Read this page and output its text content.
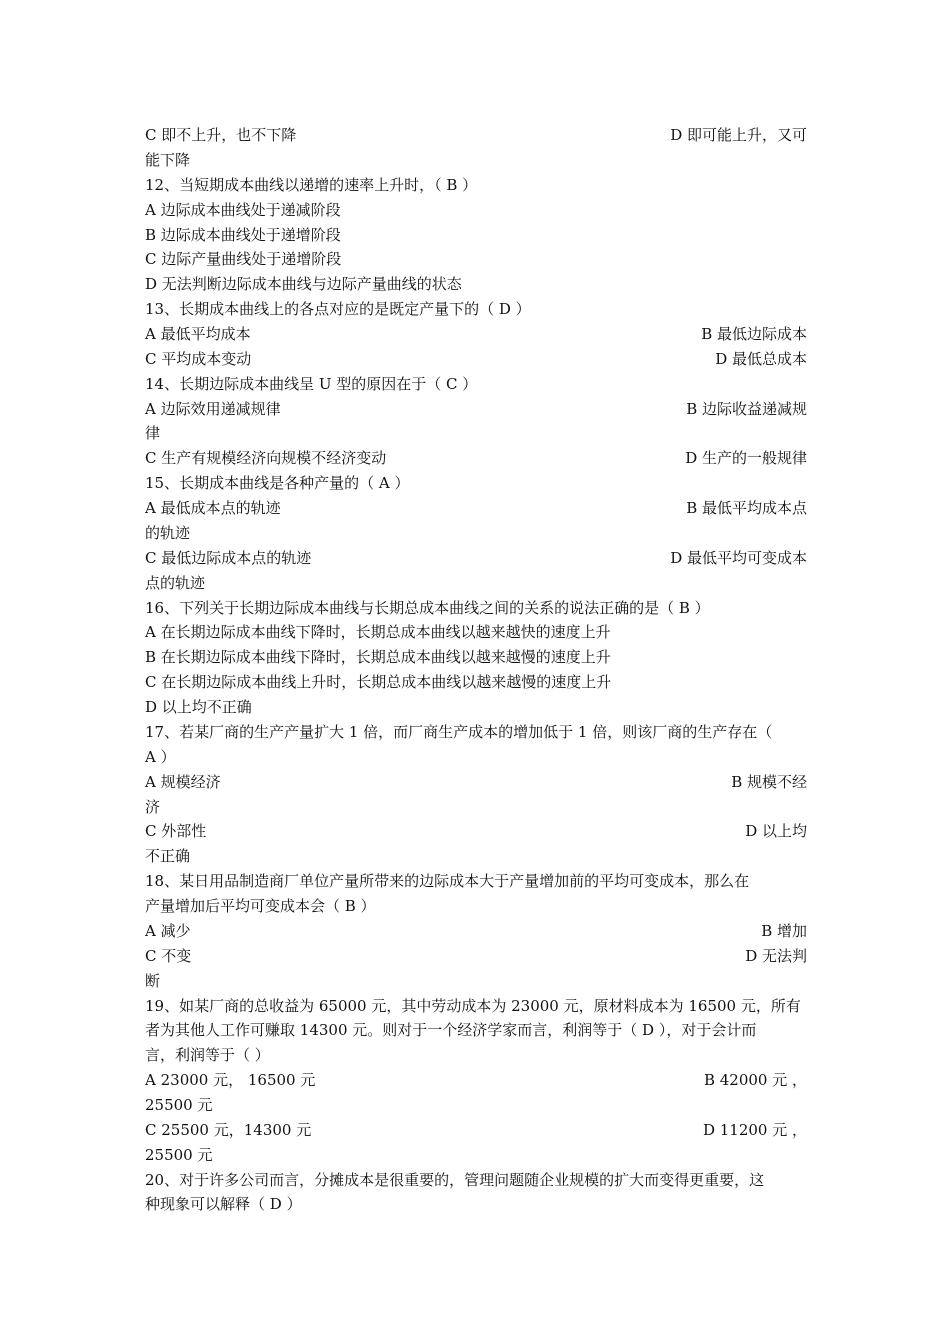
C 即不上升，也不下降	D 即可能上升，又可
能下降
12、当短期成本曲线以递增的速率上升时，（ B ）
A 边际成本曲线处于递减阶段
B 边际成本曲线处于递增阶段
C 边际产量曲线处于递增阶段
D 无法判断边际成本曲线与边际产量曲线的状态
13、长期成本曲线上的各点对应的是既定产量下的（ D ）
A 最低平均成本	B 最低边际成本
C 平均成本变动	D 最低总成本
14、长期边际成本曲线呈 U 型的原因在于（ C ）
A 边际效用递减规律	B 边际收益递减规
律
C 生产有规模经济向规模不经济变动	D 生产的一般规律
15、长期成本曲线是各种产量的（ A ）
A 最低成本点的轨迹	B 最低平均成本点
的轨迹
C 最低边际成本点的轨迹	D 最低平均可变成本
点的轨迹
16、下列关于长期边际成本曲线与长期总成本曲线之间的关系的说法正确的是（ B ）
A 在长期边际成本曲线下降时，长期总成本曲线以越来越快的速度上升
B 在长期边际成本曲线下降时，长期总成本曲线以越来越慢的速度上升
C 在长期边际成本曲线上升时，长期总成本曲线以越来越慢的速度上升
D 以上均不正确
17、若某厂商的生产产量扩大 1 倍，而厂商生产成本的增加低于 1 倍，则该厂商的生产存在（
A ）
A 规模经济	B 规模不经
济
C 外部性	D 以上均
不正确
18、某日用品制造商厂单位产量所带来的边际成本大于产量增加前的平均可变成本，那么在
产量增加后平均可变成本会（ B ）
A 减少	B 增加
C 不变	D 无法判
断
19、如某厂商的总收益为 65000 元，其中劳动成本为 23000 元，原材料成本为 16500 元，所有
者为其他人工作可赚取 14300 元。则对于一个经济学家而言，利润等于（ D ），对于会计而
言，利润等于（ ）
A 23000 元， 16500 元	B 42000 元 ，
25500 元
C 25500 元，14300 元	D 11200 元 ，
25500 元
20、对于许多公司而言，分摊成本是很重要的，管理问题随企业规模的扩大而变得更重要，这
种现象可以解释（ D ）
